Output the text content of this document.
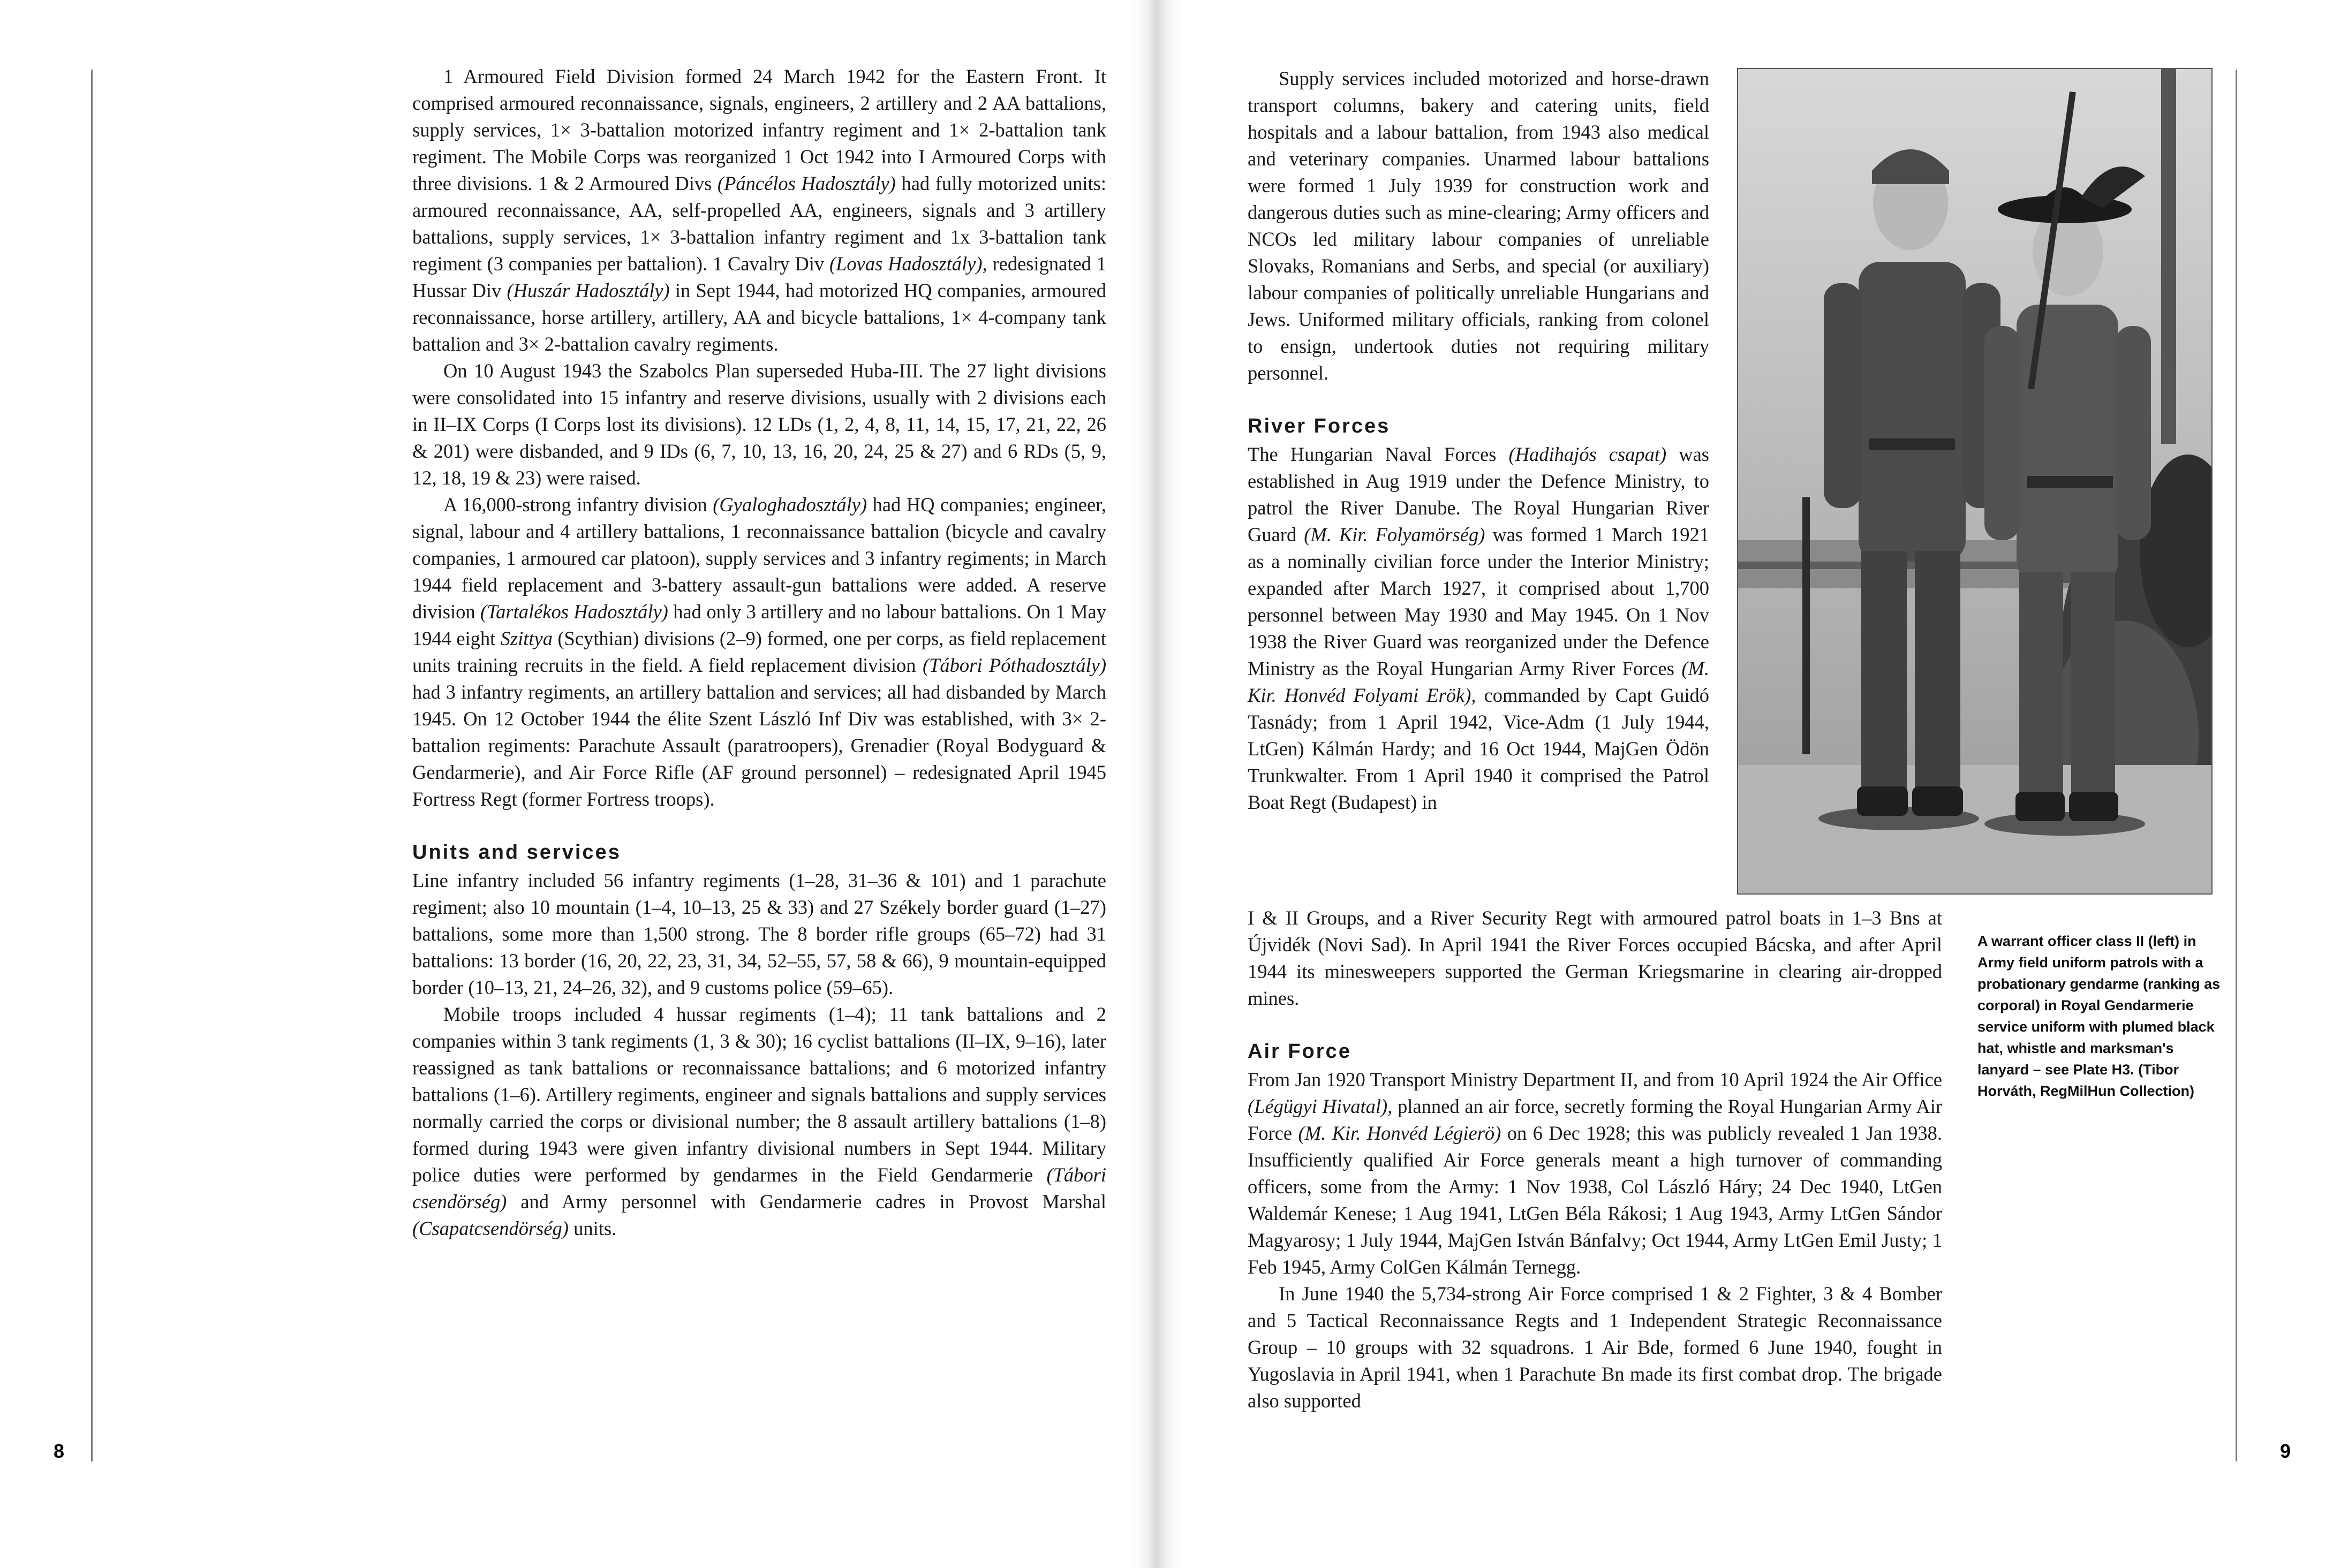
8	9

1 Armoured Field Division formed 24 March 1942 for the Eastern Front. It comprised armoured reconnaissance, signals, engineers, 2 artillery and 2 AA battalions, supply services, 1× 3-battalion motorized infantry regiment and 1× 2-battalion tank regiment. The Mobile Corps was reorganized 1 Oct 1942 into I Armoured Corps with three divisions. 1 & 2 Armoured Divs (Páncélos Hadosztály) had fully motorized units: armoured reconnaissance, AA, self-propelled AA, engineers, signals and 3 artillery battalions, supply services, 1× 3-battalion infantry regiment and 1x 3-battalion tank regiment (3 companies per battalion). 1 Cavalry Div (Lovas Hadosztály), redesignated 1 Hussar Div (Huszár Hadosztály) in Sept 1944, had motorized HQ companies, armoured reconnaissance, horse artillery, artillery, AA and bicycle battalions, 1× 4-company tank battalion and 3× 2-battalion cavalry regiments.

On 10 August 1943 the Szabolcs Plan superseded Huba-III. The 27 light divisions were consolidated into 15 infantry and reserve divisions, usually with 2 divisions each in II–IX Corps (I Corps lost its divisions). 12 LDs (1, 2, 4, 8, 11, 14, 15, 17, 21, 22, 26 & 201) were disbanded, and 9 IDs (6, 7, 10, 13, 16, 20, 24, 25 & 27) and 6 RDs (5, 9, 12, 18, 19 & 23) were raised.

A 16,000-strong infantry division (Gyaloghadosztály) had HQ companies; engineer, signal, labour and 4 artillery battalions, 1 reconnaissance battalion (bicycle and cavalry companies, 1 armoured car platoon), supply services and 3 infantry regiments; in March 1944 field replacement and 3-battery assault-gun battalions were added. A reserve division (Tartalékos Hadosztály) had only 3 artillery and no labour battalions. On 1 May 1944 eight Szittya (Scythian) divisions (2–9) formed, one per corps, as field replacement units training recruits in the field. A field replacement division (Tábori Póthadosztály) had 3 infantry regiments, an artillery battalion and services; all had disbanded by March 1945. On 12 October 1944 the élite Szent László Inf Div was established, with 3× 2-battalion regiments: Parachute Assault (paratroopers), Grenadier (Royal Bodyguard & Gendarmerie), and Air Force Rifle (AF ground personnel) – redesignated April 1945 Fortress Regt (former Fortress troops).

Units and services

Line infantry included 56 infantry regiments (1–28, 31–36 & 101) and 1 parachute regiment; also 10 mountain (1–4, 10–13, 25 & 33) and 27 Székely border guard (1–27) battalions, some more than 1,500 strong. The 8 border rifle groups (65–72) had 31 battalions: 13 border (16, 20, 22, 23, 31, 34, 52–55, 57, 58 & 66), 9 mountain-equipped border (10–13, 21, 24–26, 32), and 9 customs police (59–65).

Mobile troops included 4 hussar regiments (1–4); 11 tank battalions and 2 companies within 3 tank regiments (1, 3 & 30); 16 cyclist battalions (II–IX, 9–16), later reassigned as tank battalions or reconnaissance battalions; and 6 motorized infantry battalions (1–6). Artillery regiments, engineer and signals battalions and supply services normally carried the corps or divisional number; the 8 assault artillery battalions (1–8) formed during 1943 were given infantry divisional numbers in Sept 1944. Military police duties were performed by gendarmes in the Field Gendarmerie (Tábori csendörség) and Army personnel with Gendarmerie cadres in Provost Marshal (Csapatcsendörség) units.

Supply services included motorized and horse-drawn transport columns, bakery and catering units, field hospitals and a labour battalion, from 1943 also medical and veterinary companies. Unarmed labour battalions were formed 1 July 1939 for construction work and dangerous duties such as mine-clearing; Army officers and NCOs led military labour companies of unreliable Slovaks, Romanians and Serbs, and special (or auxiliary) labour companies of politically unreliable Hungarians and Jews. Uniformed military officials, ranking from colonel to ensign, undertook duties not requiring military personnel.

River Forces

The Hungarian Naval Forces (Hadihajós csapat) was established in Aug 1919 under the Defence Ministry, to patrol the River Danube. The Royal Hungarian River Guard (M. Kir. Folyamörség) was formed 1 March 1921 as a nominally civilian force under the Interior Ministry; expanded after March 1927, it comprised about 1,700 personnel between May 1930 and May 1945. On 1 Nov 1938 the River Guard was reorganized under the Defence Ministry as the Royal Hungarian Army River Forces (M. Kir. Honvéd Folyami Erök), commanded by Capt Guidó Tasnády; from 1 April 1942, Vice-Adm (1 July 1944, LtGen) Kálmán Hardy; and 16 Oct 1944, MajGen Ödön Trunkwalter. From 1 April 1940 it comprised the Patrol Boat Regt (Budapest) in

I & II Groups, and a River Security Regt with armoured patrol boats in 1–3 Bns at Újvidék (Novi Sad). In April 1941 the River Forces occupied Bácska, and after April 1944 its minesweepers supported the German Kriegsmarine in clearing air-dropped mines.

Air Force

From Jan 1920 Transport Ministry Department II, and from 10 April 1924 the Air Office (Légügyi Hivatal), planned an air force, secretly forming the Royal Hungarian Army Air Force (M. Kir. Honvéd Légierö) on 6 Dec 1928; this was publicly revealed 1 Jan 1938. Insufficiently qualified Air Force generals meant a high turnover of commanding officers, some from the Army: 1 Nov 1938, Col László Háry; 24 Dec 1940, LtGen Waldemár Kenese; 1 Aug 1941, LtGen Béla Rákosi; 1 Aug 1943, Army LtGen Sándor Magyarosy; 1 July 1944, MajGen István Bánfalvy; Oct 1944, Army LtGen Emil Justy; 1 Feb 1945, Army ColGen Kálmán Ternegg.

In June 1940 the 5,734-strong Air Force comprised 1 & 2 Fighter, 3 & 4 Bomber and 5 Tactical Reconnaissance Regts and 1 Independent Strategic Reconnaissance Group – 10 groups with 32 squadrons. 1 Air Bde, formed 6 June 1940, fought in Yugoslavia in April 1941, when 1 Parachute Bn made its first combat drop. The brigade also supported

A warrant officer class II (left) in Army field uniform patrols with a probationary gendarme (ranking as corporal) in Royal Gendarmerie service uniform with plumed black hat, whistle and marksman's lanyard – see Plate H3. (Tibor Horváth, RegMilHun Collection)
